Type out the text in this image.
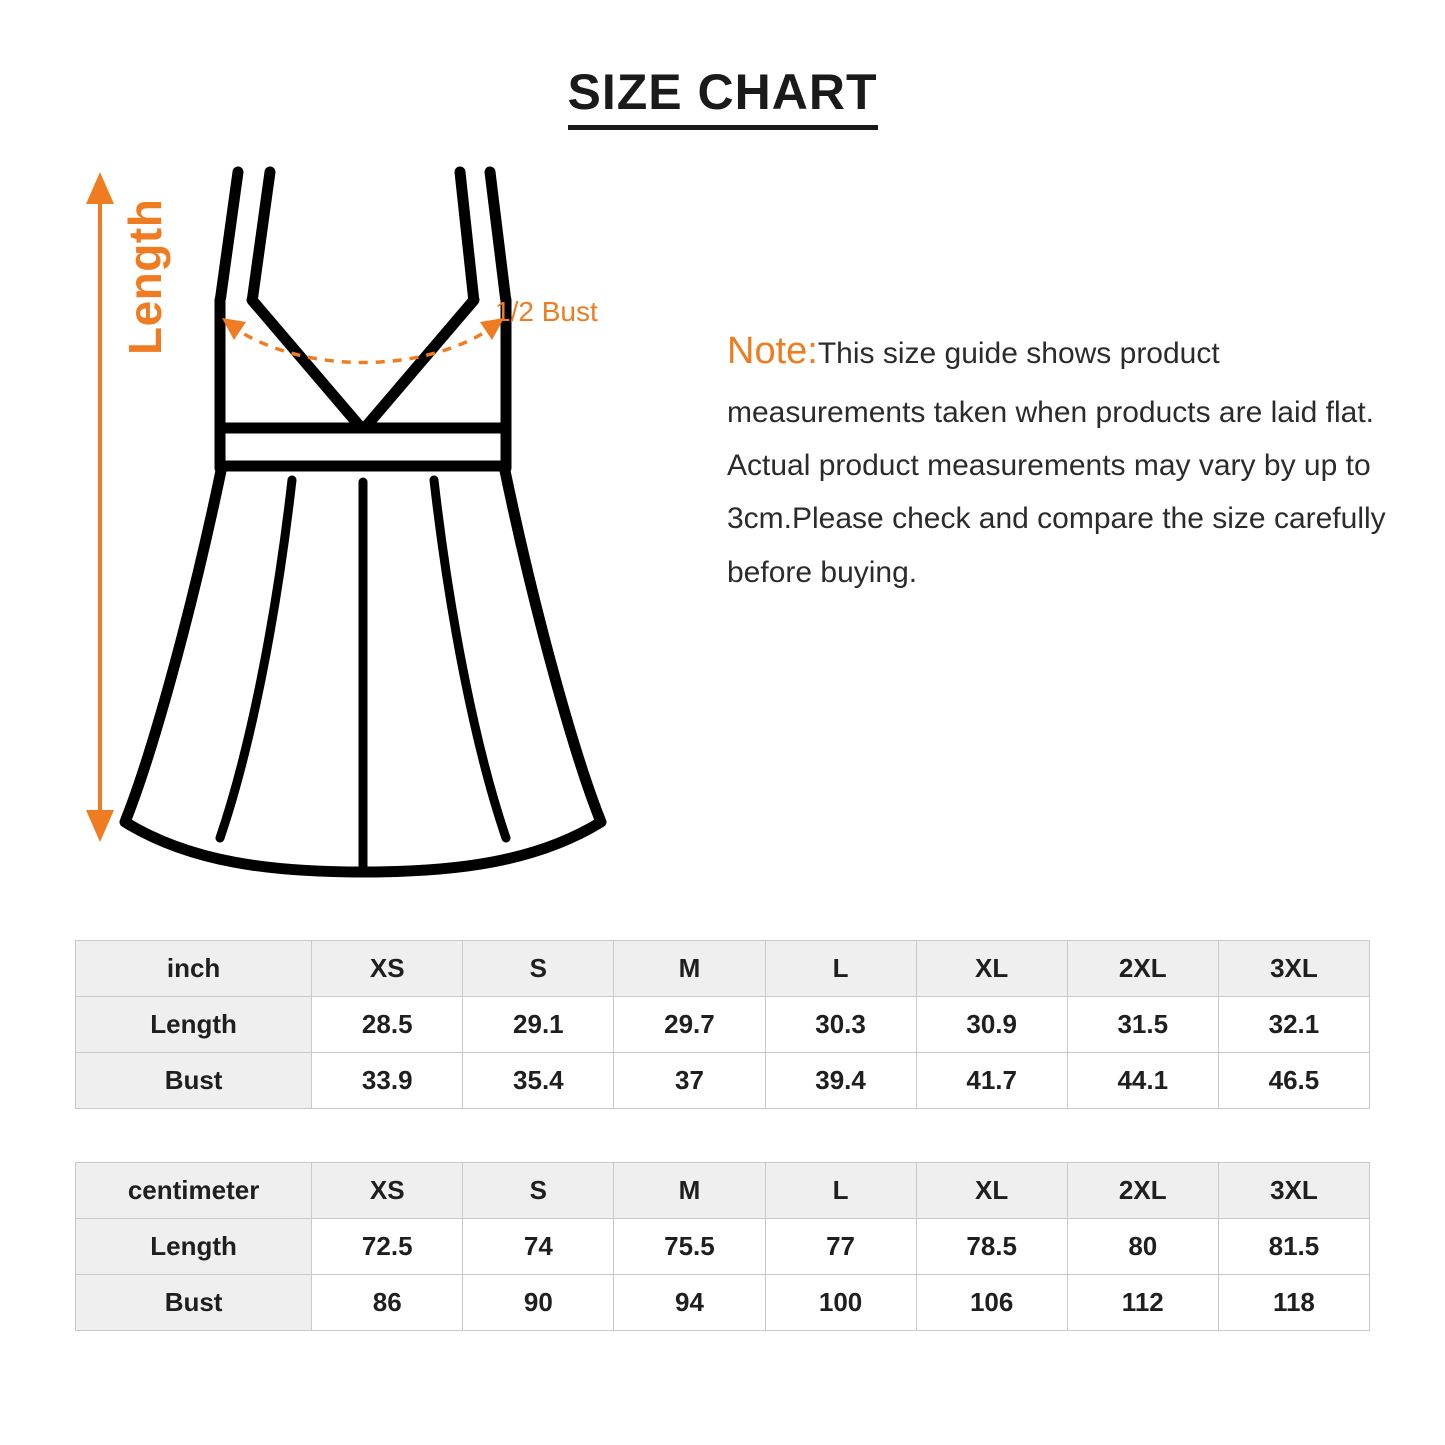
SIZE CHART
Length	1/2 Bust
Note:This size guide shows product measurements taken when products are laid flat. Actual product measurements may vary by up to 3cm.Please check and compare the size carefully before buying.
inch	XS	S	M	L	XL	2XL	3XL
Length	28.5	29.1	29.7	30.3	30.9	31.5	32.1
Bust	33.9	35.4	37	39.4	41.7	44.1	46.5
centimeter	XS	S	M	L	XL	2XL	3XL
Length	72.5	74	75.5	77	78.5	80	81.5
Bust	86	90	94	100	106	112	118
